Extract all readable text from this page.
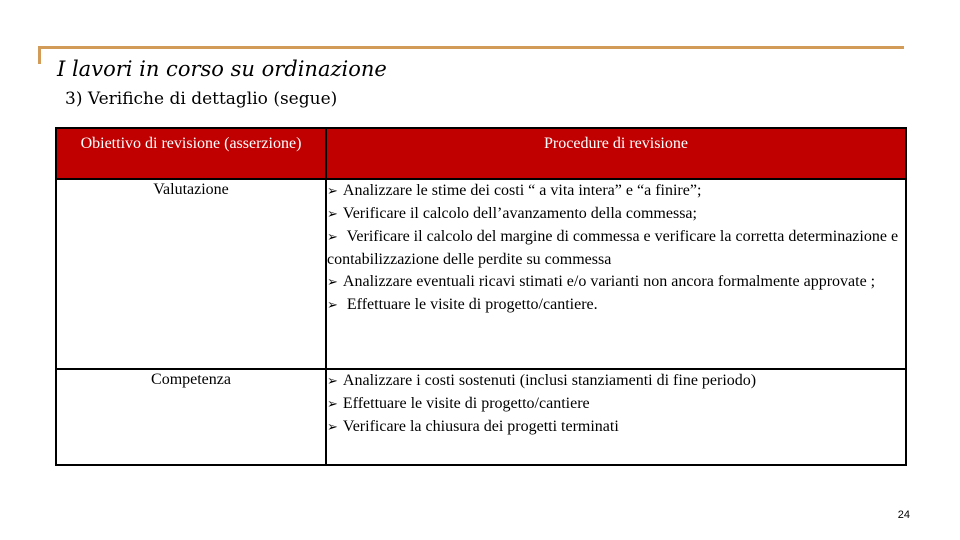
I lavori in corso su ordinazione
3) Verifiche di dettaglio (segue)
Obiettivo di revisione (asserzione)	Procedure di revisione
Valutazione	➢ Analizzare le stime dei costi “ a vita intera” e “a finire”;
➢ Verificare il calcolo dell’avanzamento della commessa;
➢ Verificare il calcolo del margine di commessa e verificare la corretta determinazione e contabilizzazione delle perdite su commessa
➢ Analizzare eventuali ricavi stimati e/o varianti non ancora formalmente approvate ;
➢ Effettuare le visite di progetto/cantiere.

Competenza	➢ Analizzare i costi sostenuti (inclusi stanziamenti di fine periodo)
➢ Effettuare le visite di progetto/cantiere
➢ Verificare la chiusura dei progetti terminati
24
